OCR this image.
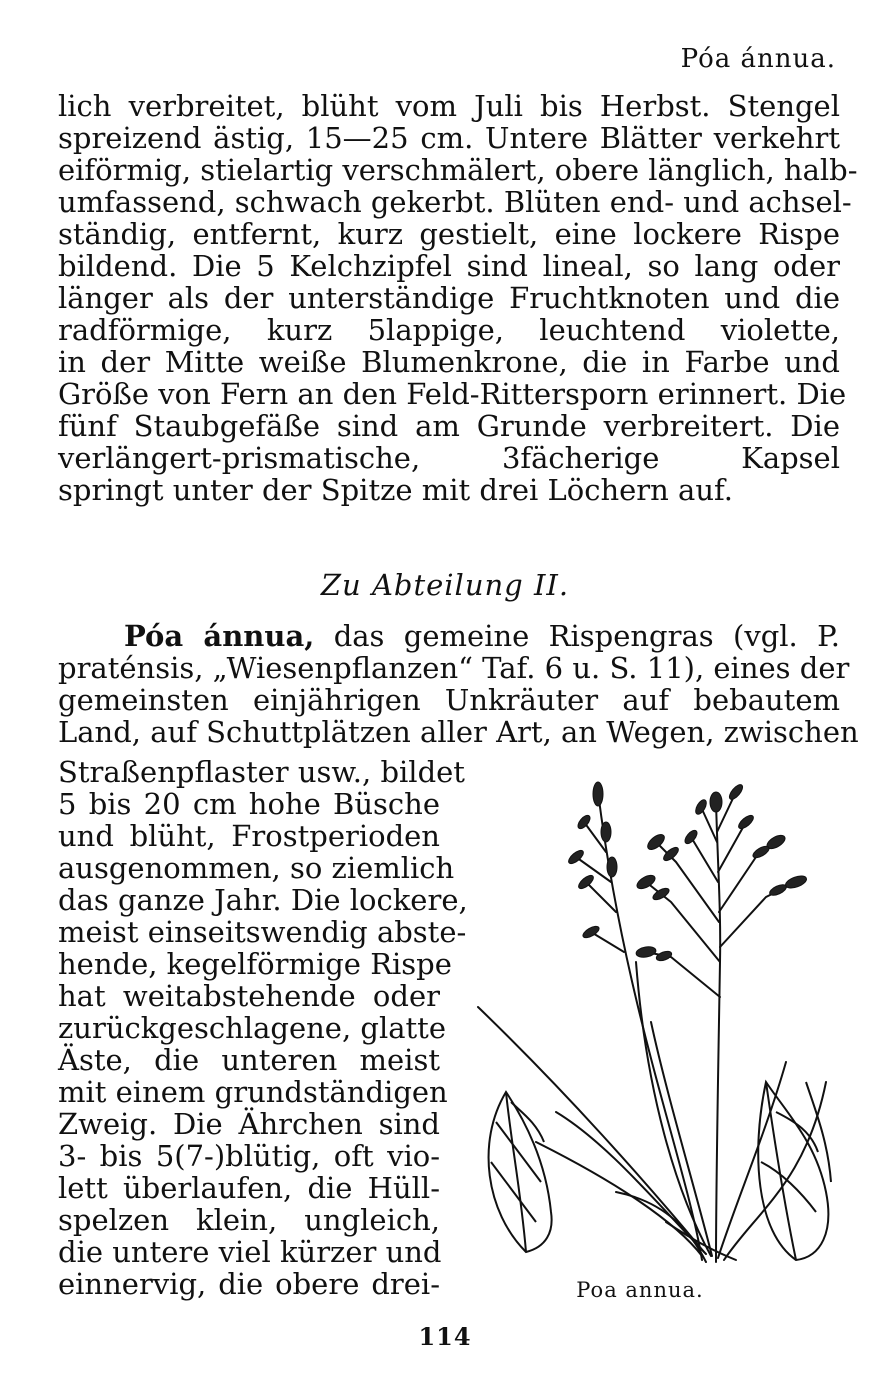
Póa ánnua.
lich verbreitet, blüht vom Juli bis Herbst. Stengel
spreizend ästig, 15—25 cm. Untere Blätter verkehrt
eiförmig, stielartig verschmälert, obere länglich, halb-
umfassend, schwach gekerbt. Blüten end- und achsel-
ständig, entfernt, kurz gestielt, eine lockere Rispe
bildend. Die 5 Kelchzipfel sind lineal, so lang oder
länger als der unterständige Fruchtknoten und die
radförmige, kurz 5lappige, leuchtend violette,
in der Mitte weiße Blumenkrone, die in Farbe und
Größe von Fern an den Feld-Rittersporn erinnert. Die
fünf Staubgefäße sind am Grunde verbreitert. Die
verlängert-prismatische, 3fächerige Kapsel
springt unter der Spitze mit drei Löchern auf.
Zu Abteilung II.
Póa ánnua, das gemeine Rispengras (vgl. P.
praténsis, „Wiesenpflanzen“ Taf. 6 u. S. 11), eines der
gemeinsten einjährigen Unkräuter auf bebautem
Land, auf Schuttplätzen aller Art, an Wegen, zwischen
Straßenpflaster usw., bildet
5 bis 20 cm hohe Büsche
und blüht, Frostperioden
ausgenommen, so ziemlich
das ganze Jahr. Die lockere,
meist einseitswendig abste-
hende, kegelförmige Rispe
hat weitabstehende oder
zurückgeschlagene, glatte
Äste, die unteren meist
mit einem grundständigen
Zweig. Die Ährchen sind
3- bis 5(7-)blütig, oft vio-
lett überlaufen, die Hüll-
spelzen klein, ungleich,
die untere viel kürzer und
einnervig, die obere drei-	Poa annua.
114
